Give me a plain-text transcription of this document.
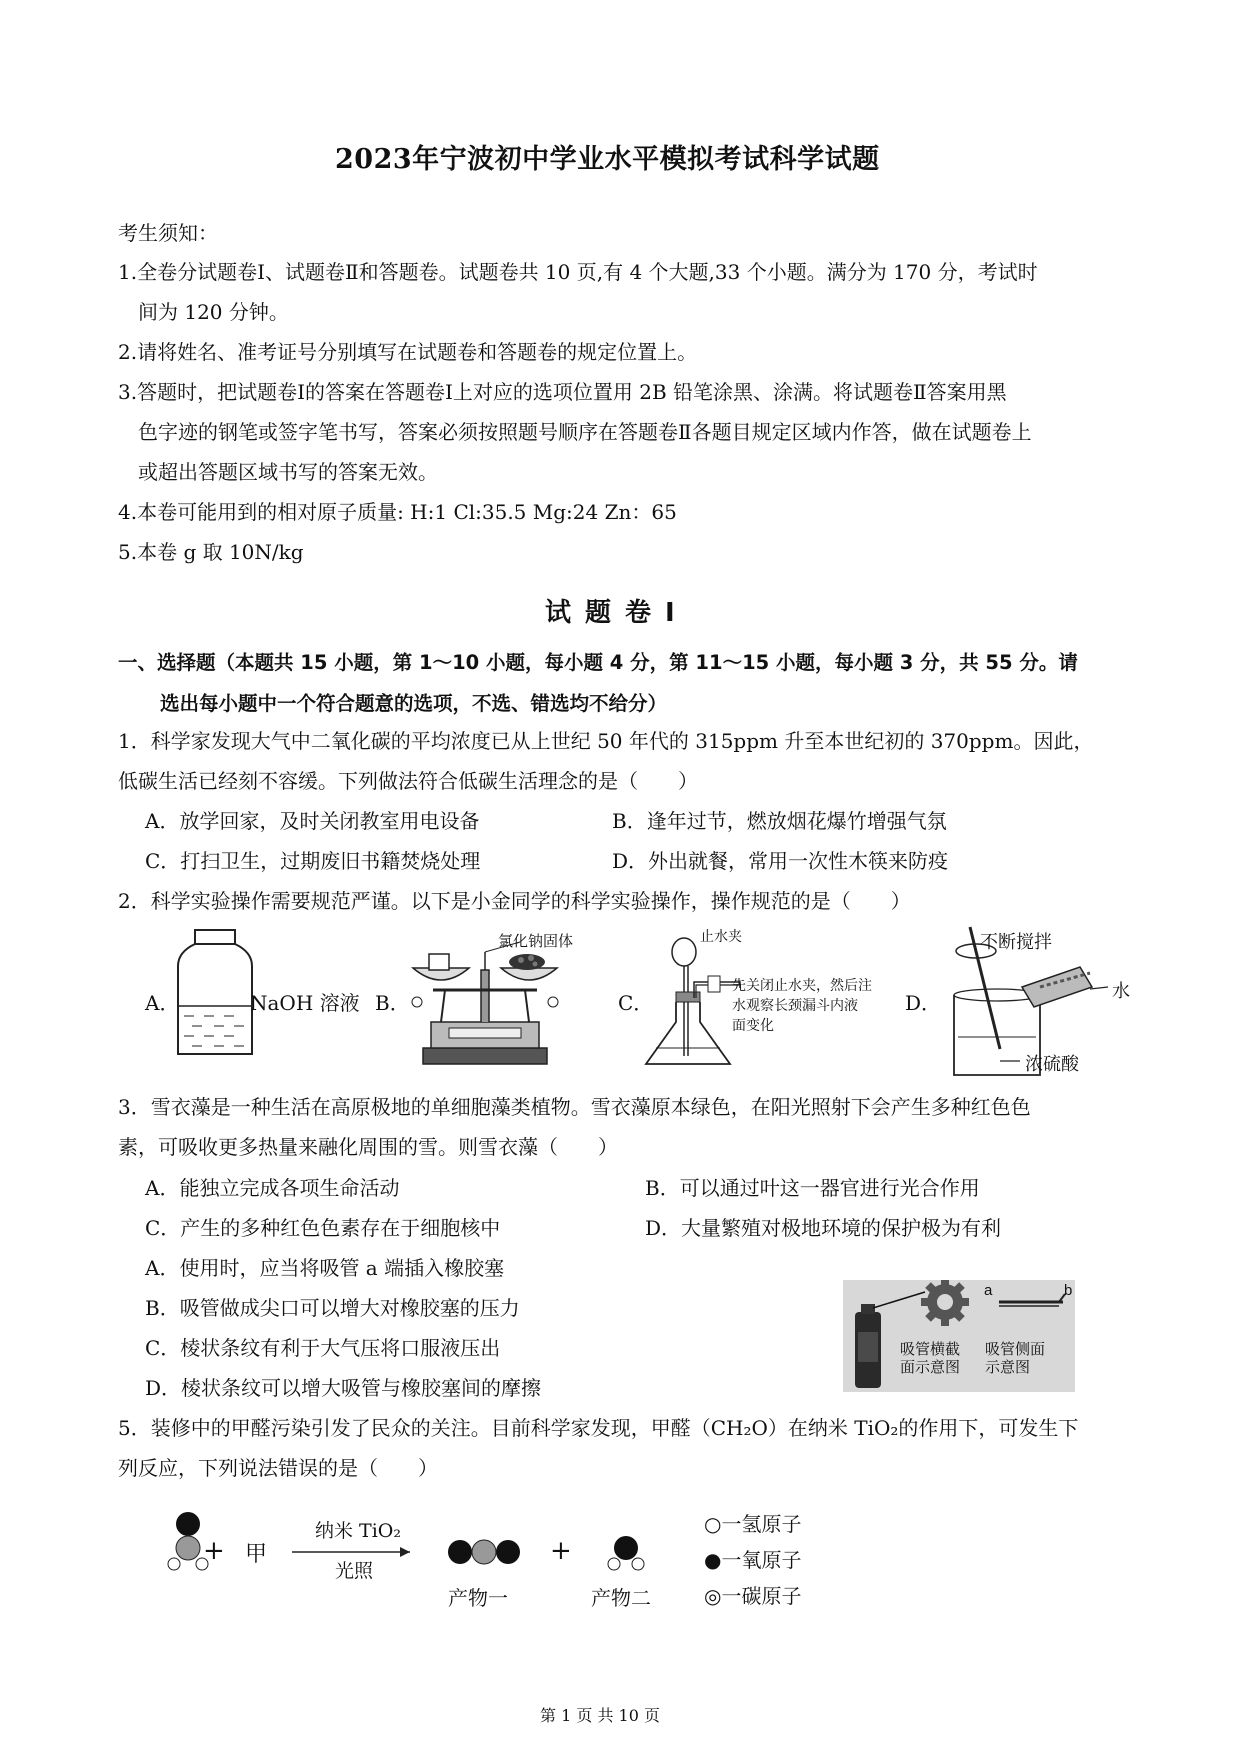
2023年宁波初中学业水平模拟考试科学试题
考生须知：
1.全卷分试题卷Ⅰ、试题卷Ⅱ和答题卷。试题卷共 10 页,有 4 个大题,33 个小题。满分为 170 分，考试时
间为 120 分钟。
2.请将姓名、准考证号分别填写在试题卷和答题卷的规定位置上。
3.答题时，把试题卷Ⅰ的答案在答题卷Ⅰ上对应的选项位置用 2B 铅笔涂黑、涂满。将试题卷Ⅱ答案用黑
色字迹的钢笔或签字笔书写，答案必须按照题号顺序在答题卷Ⅱ各题目规定区域内作答，做在试题卷上
或超出答题区域书写的答案无效。
4.本卷可能用到的相对原子质量: H:1 Cl:35.5 Mg:24 Zn：65
5.本卷 g 取 10N/kg
试题卷Ⅰ
一、选择题（本题共 15 小题，第 1～10 小题，每小题 4 分，第 11～15 小题，每小题 3 分，共 55 分。请
选出每小题中一个符合题意的选项，不选、错选均不给分）
1．科学家发现大气中二氧化碳的平均浓度已从上世纪 50 年代的 315ppm 升至本世纪初的 370ppm。因此，
低碳生活已经刻不容缓。下列做法符合低碳生活理念的是（　　）
A．放学回家，及时关闭教室用电设备	B．逢年过节，燃放烟花爆竹增强气氛
C．打扫卫生，过期废旧书籍焚烧处理	D．外出就餐，常用一次性木筷来防疫
2．科学实验操作需要规范严谨。以下是小金同学的科学实验操作，操作规范的是（　　）
A．	NaOH 溶液 B．
氯化钠固体
C．
止水夹
先关闭止水夹，然后注
水观察长颈漏斗内液
面变化
D．
不断搅拌
水
浓硫酸
3．雪衣藻是一种生活在高原极地的单细胞藻类植物。雪衣藻原本绿色，在阳光照射下会产生多种红色色
素，可吸收更多热量来融化周围的雪。则雪衣藻（　　）
A．能独立完成各项生命活动	B．可以通过叶这一器官进行光合作用
C．产生的多种红色色素存在于细胞核中	D．大量繁殖对极地环境的保护极为有利
A．使用时，应当将吸管 a 端插入橡胶塞
B．吸管做成尖口可以增大对橡胶塞的压力
C．棱状条纹有利于大气压将口服液压出
D．棱状条纹可以增大吸管与橡胶塞间的摩擦
a	b
吸管横截
面示意图
吸管侧面
示意图
5．装修中的甲醛污染引发了民众的关注。目前科学家发现，甲醛（CH₂O）在纳米 TiO₂的作用下，可发生下
列反应，下列说法错误的是（　　）
+ 甲
纳米 TiO₂
光照
+
产物一	产物二
○一氢原子
●一氧原子
◎一碳原子
第 1 页 共 10 页
